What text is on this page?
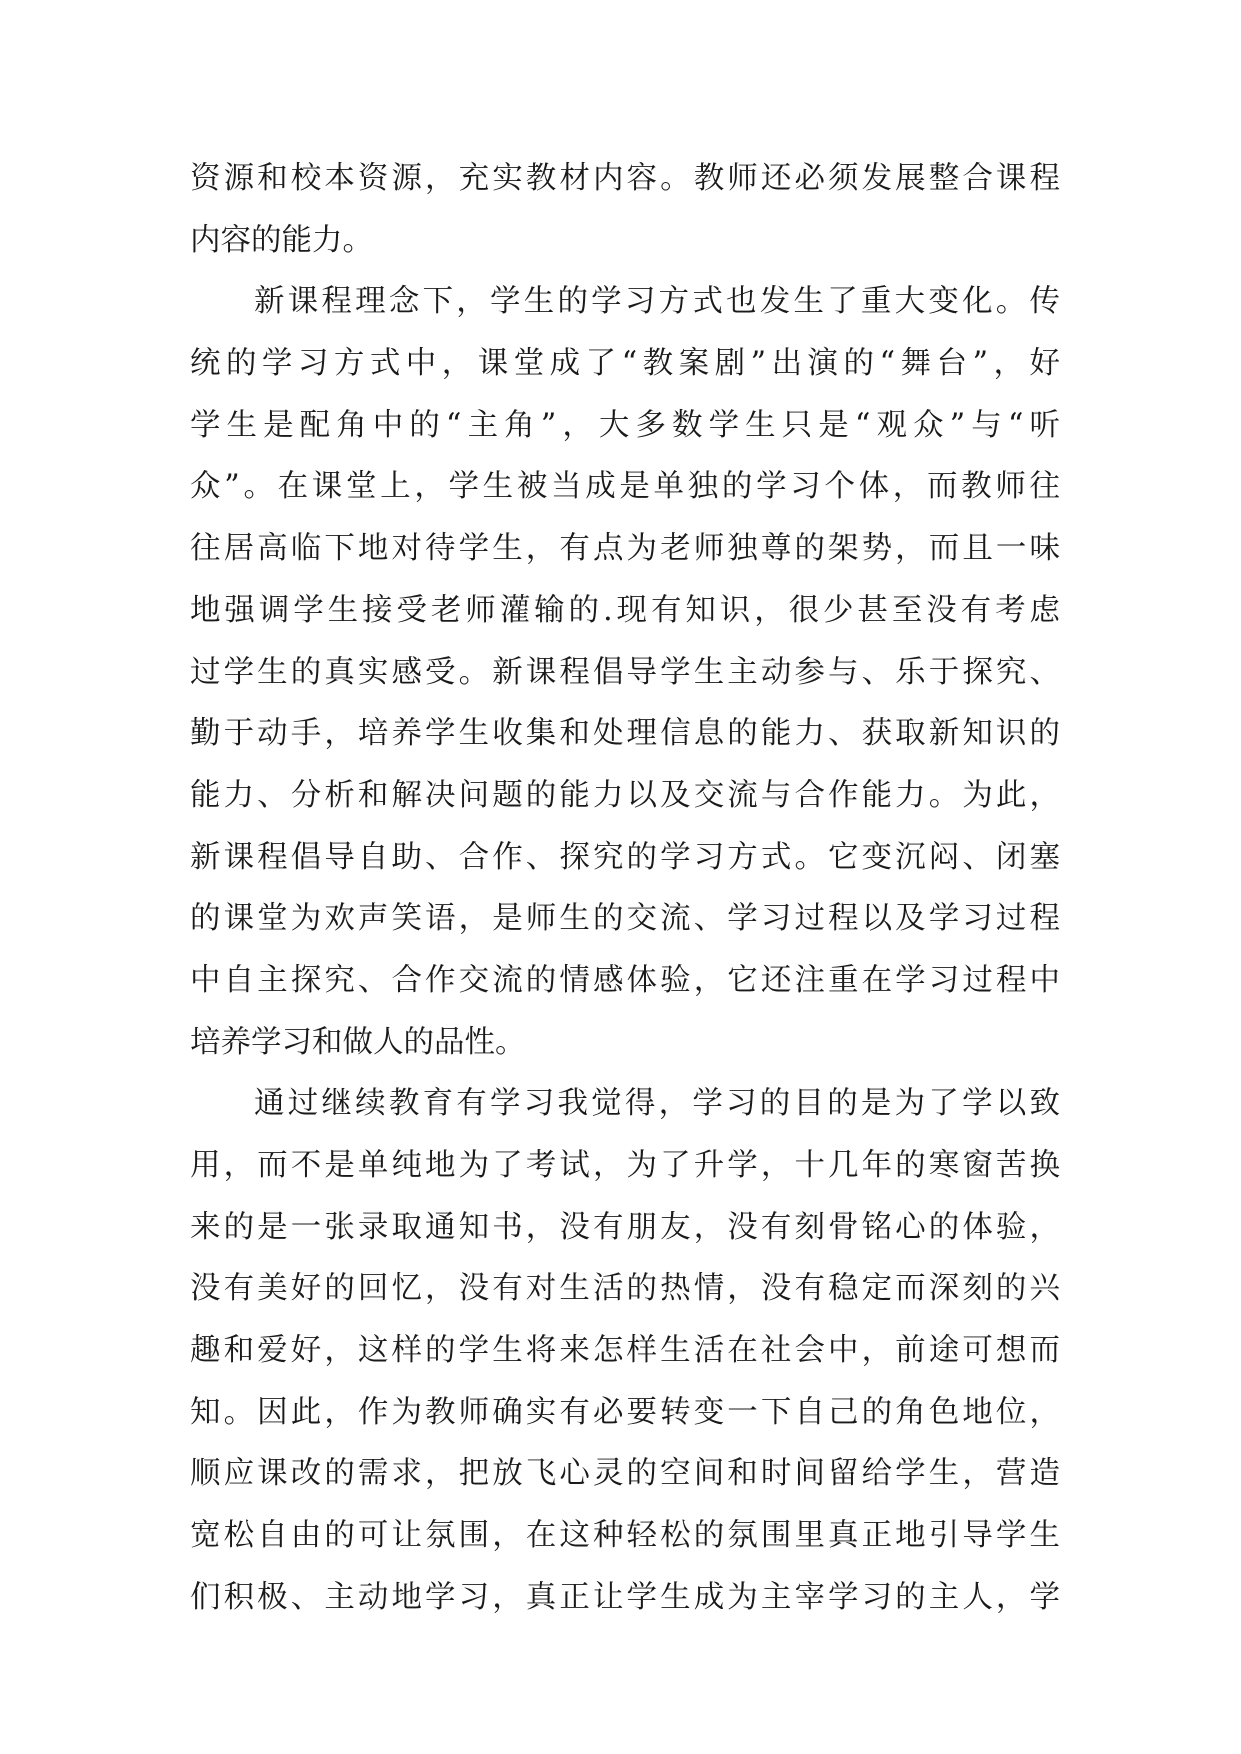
资源和校本资源，充实教材内容。教师还必须发展整合课程
内容的能力。
新课程理念下，学生的学习方式也发生了重大变化。传
统的学习方式中，课堂成了“教案剧”出演的“舞台”，好
学生是配角中的“主角”，大多数学生只是“观众”与“听
众”。在课堂上，学生被当成是单独的学习个体，而教师往
往居高临下地对待学生，有点为老师独尊的架势，而且一味
地强调学生接受老师灌输的.现有知识，很少甚至没有考虑
过学生的真实感受。新课程倡导学生主动参与、乐于探究、
勤于动手，培养学生收集和处理信息的能力、获取新知识的
能力、分析和解决问题的能力以及交流与合作能力。为此，
新课程倡导自助、合作、探究的学习方式。它变沉闷、闭塞
的课堂为欢声笑语，是师生的交流、学习过程以及学习过程
中自主探究、合作交流的情感体验，它还注重在学习过程中
培养学习和做人的品性。
通过继续教育有学习我觉得，学习的目的是为了学以致
用，而不是单纯地为了考试，为了升学，十几年的寒窗苦换
来的是一张录取通知书，没有朋友，没有刻骨铭心的体验，
没有美好的回忆，没有对生活的热情，没有稳定而深刻的兴
趣和爱好，这样的学生将来怎样生活在社会中，前途可想而
知。因此，作为教师确实有必要转变一下自己的角色地位，
顺应课改的需求，把放飞心灵的空间和时间留给学生，营造
宽松自由的可让氛围，在这种轻松的氛围里真正地引导学生
们积极、主动地学习，真正让学生成为主宰学习的主人，学
